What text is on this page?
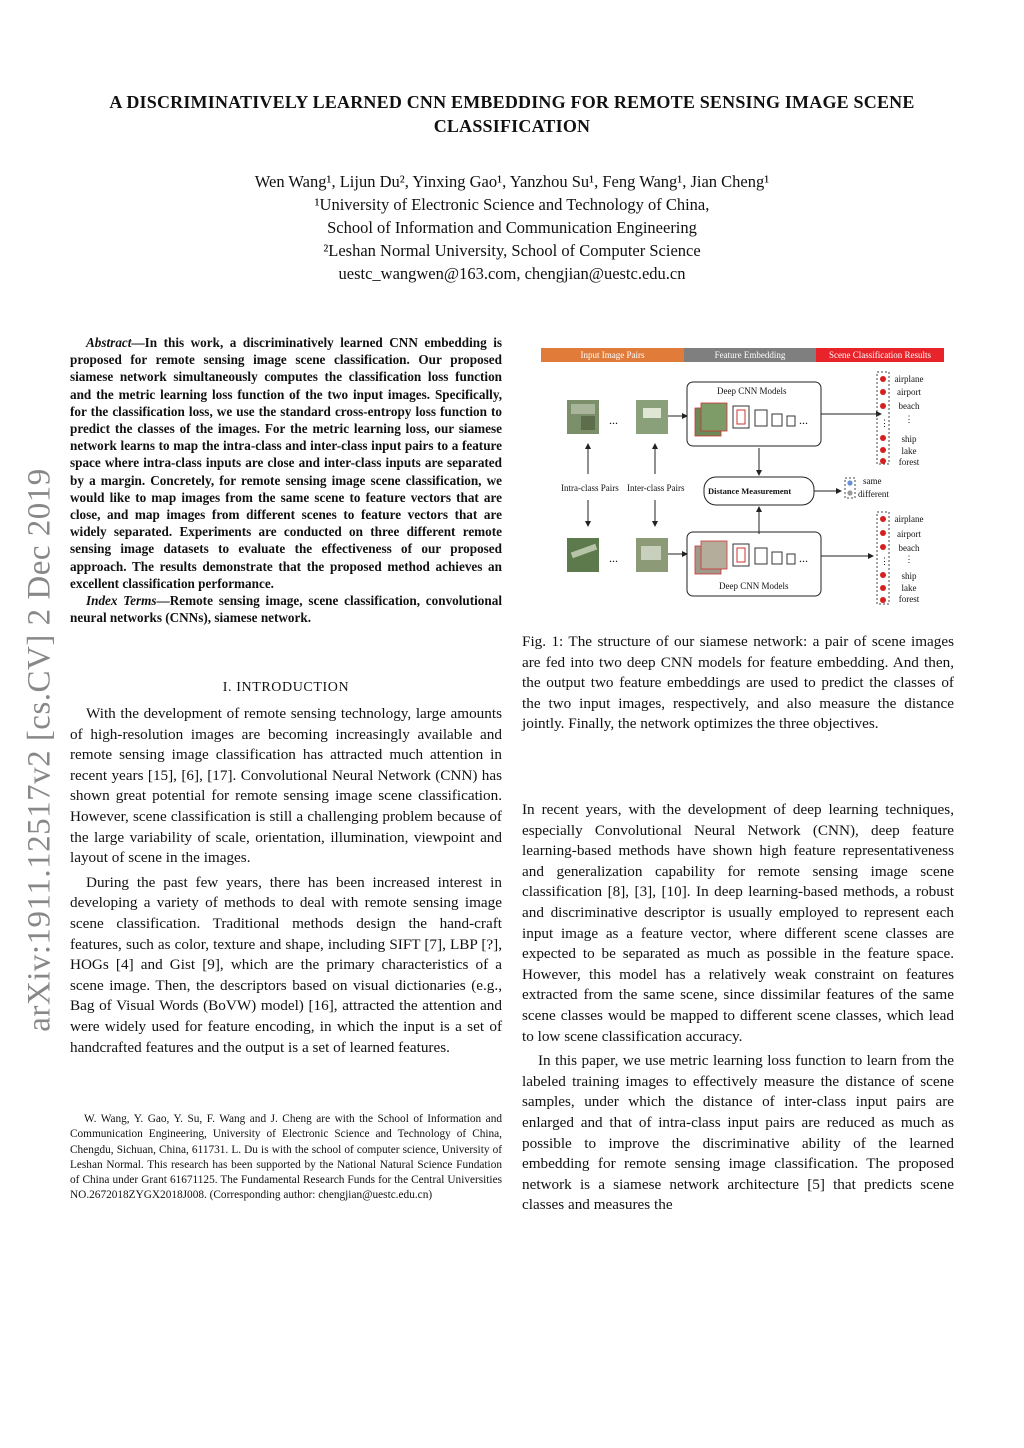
A DISCRIMINATIVELY LEARNED CNN EMBEDDING FOR REMOTE SENSING IMAGE SCENE CLASSIFICATION
Wen Wang¹, Lijun Du², Yinxing Gao¹, Yanzhou Su¹, Feng Wang¹, Jian Cheng¹
¹University of Electronic Science and Technology of China,
School of Information and Communication Engineering
²Leshan Normal University, School of Computer Science
uestc_wangwen@163.com, chengjian@uestc.edu.cn
arXiv:1911.12517v2 [cs.CV] 2 Dec 2019
Abstract—In this work, a discriminatively learned CNN embedding is proposed for remote sensing image scene classification. Our proposed siamese network simultaneously computes the classification loss function and the metric learning loss function of the two input images. Specifically, for the classification loss, we use the standard cross-entropy loss function to predict the classes of the images. For the metric learning loss, our siamese network learns to map the intra-class and inter-class input pairs to a feature space where intra-class inputs are close and inter-class inputs are separated by a margin. Concretely, for remote sensing image scene classification, we would like to map images from the same scene to feature vectors that are close, and map images from different scenes to feature vectors that are widely separated. Experiments are conducted on three different remote sensing image datasets to evaluate the effectiveness of our proposed approach. The results demonstrate that the proposed method achieves an excellent classification performance.
Index Terms—Remote sensing image, scene classification, convolutional neural networks (CNNs), siamese network.
I. INTRODUCTION

With the development of remote sensing technology, large amounts of high-resolution images are becoming increasingly available and remote sensing image classification has attracted much attention in recent years [15], [6], [17]. Convolutional Neural Network (CNN) has shown great potential for remote sensing image scene classification. However, scene classification is still a challenging problem because of the large variability of scale, orientation, illumination, viewpoint and layout of scene in the images.

During the past few years, there has been increased interest in developing a variety of methods to deal with remote sensing image scene classification. Traditional methods design the hand-craft features, such as color, texture and shape, including SIFT [7], LBP [?], HOGs [4] and Gist [9], which are the primary characteristics of a scene image. Then, the descriptors based on visual dictionaries (e.g., Bag of Visual Words (BoVW) model) [16], attracted the attention and were widely used for feature encoding, in which the input is a set of handcrafted features and the output is a set of learned features.

W. Wang, Y. Gao, Y. Su, F. Wang and J. Cheng are with the School of Information and Communication Engineering, University of Electronic Science and Technology of China, Chengdu, Sichuan, China, 611731. L. Du is with the school of computer science, University of Leshan Normal. This research has been supported by the National Natural Science Fundation of China under Grant 61671125. The Fundamental Research Funds for the Central Universities NO.2672018ZYGX2018J008. (Corresponding author: chengjian@uestc.edu.cn)
Input Image Pairs	Feature Embedding	Scene Classification Results
...	...	⋮
...	...	⋮
Deep CNN Models
Deep CNN Models
Intra-class Pairs Inter-class Pairs	Distance Measurement
same
different
airplane
airport
beach
⋮
ship
lake
forest
airplane
airport
beach
⋮
ship
lake
forest
Fig. 1: The structure of our siamese network: a pair of scene images are fed into two deep CNN models for feature embedding. And then, the output two feature embeddings are used to predict the classes of the two input images, respectively, and also measure the distance jointly. Finally, the network optimizes the three objectives.

In recent years, with the development of deep learning techniques, especially Convolutional Neural Network (CNN), deep feature learning-based methods have shown high feature representativeness and generalization capability for remote sensing image scene classification [8], [3], [10]. In deep learning-based methods, a robust and discriminative descriptor is usually employed to represent each input image as a feature vector, where different scene classes are expected to be separated as much as possible in the feature space. However, this model has a relatively weak constraint on features extracted from the same scene, since dissimilar features of the same scene classes would be mapped to different scene classes, which lead to low scene classification accuracy.

In this paper, we use metric learning loss function to learn from the labeled training images to effectively measure the distance of scene samples, under which the distance of inter-class input pairs are enlarged and that of intra-class input pairs are reduced as much as possible to improve the discriminative ability of the learned embedding for remote sensing image classification. The proposed network is a siamese network architecture [5] that predicts scene classes and measures the
